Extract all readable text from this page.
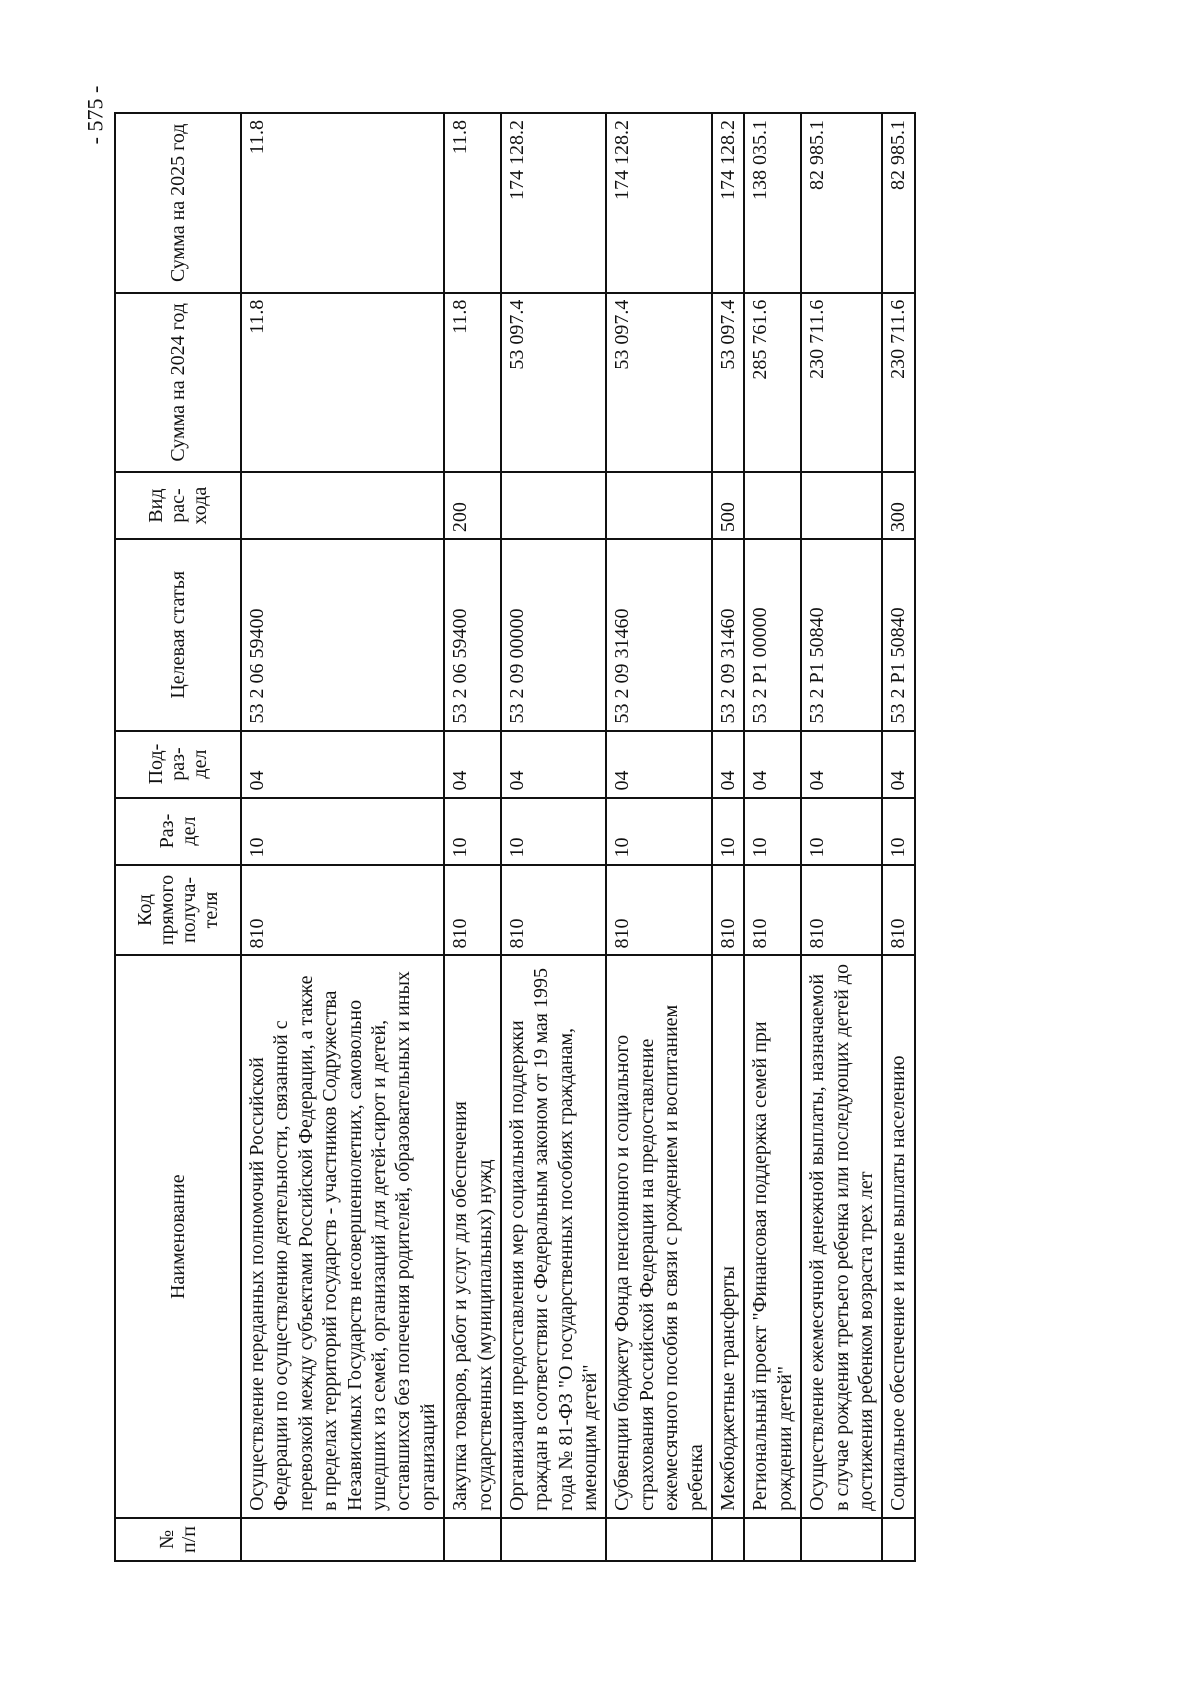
- 575 -
№ п/п	Наименование	Код прямого получа-теля	Раз-дел	Под-раз-дел	Целевая статья	Вид рас-хода	Сумма на 2024 год	Сумма на 2025 год
	Осуществление переданных полномочий Российской Федерации по осуществлению деятельности, связанной с перевозкой между субъектами Российской Федерации, а также в пределах территорий государств - участников Содружества Независимых Государств несовершеннолетних, самовольно ушедших из семей, организаций для детей-сирот и детей, оставшихся без попечения родителей, образовательных и иных организаций	810	10	04	53 2 06 59400		11.8	11.8
	Закупка товаров, работ и услуг для обеспечения государственных (муниципальных) нужд	810	10	04	53 2 06 59400	200	11.8	11.8
	Организация предоставления мер социальной поддержки граждан в соответствии с Федеральным законом от 19 мая 1995 года № 81-ФЗ "О государственных пособиях гражданам, имеющим детей"	810	10	04	53 2 09 00000		53 097.4	174 128.2
	Субвенции бюджету Фонда пенсионного и социального страхования Российской Федерации на предоставление ежемесячного пособия в связи с рождением и воспитанием ребенка	810	10	04	53 2 09 31460		53 097.4	174 128.2
	Межбюджетные трансферты	810	10	04	53 2 09 31460	500	53 097.4	174 128.2
	Региональный проект "Финансовая поддержка семей при рождении детей"	810	10	04	53 2 P1 00000		285 761.6	138 035.1
	Осуществление ежемесячной денежной выплаты, назначаемой в случае рождения третьего ребенка или последующих детей до достижения ребенком возраста трех лет	810	10	04	53 2 P1 50840		230 711.6	82 985.1
	Социальное обеспечение и иные выплаты населению	810	10	04	53 2 P1 50840	300	230 711.6	82 985.1
